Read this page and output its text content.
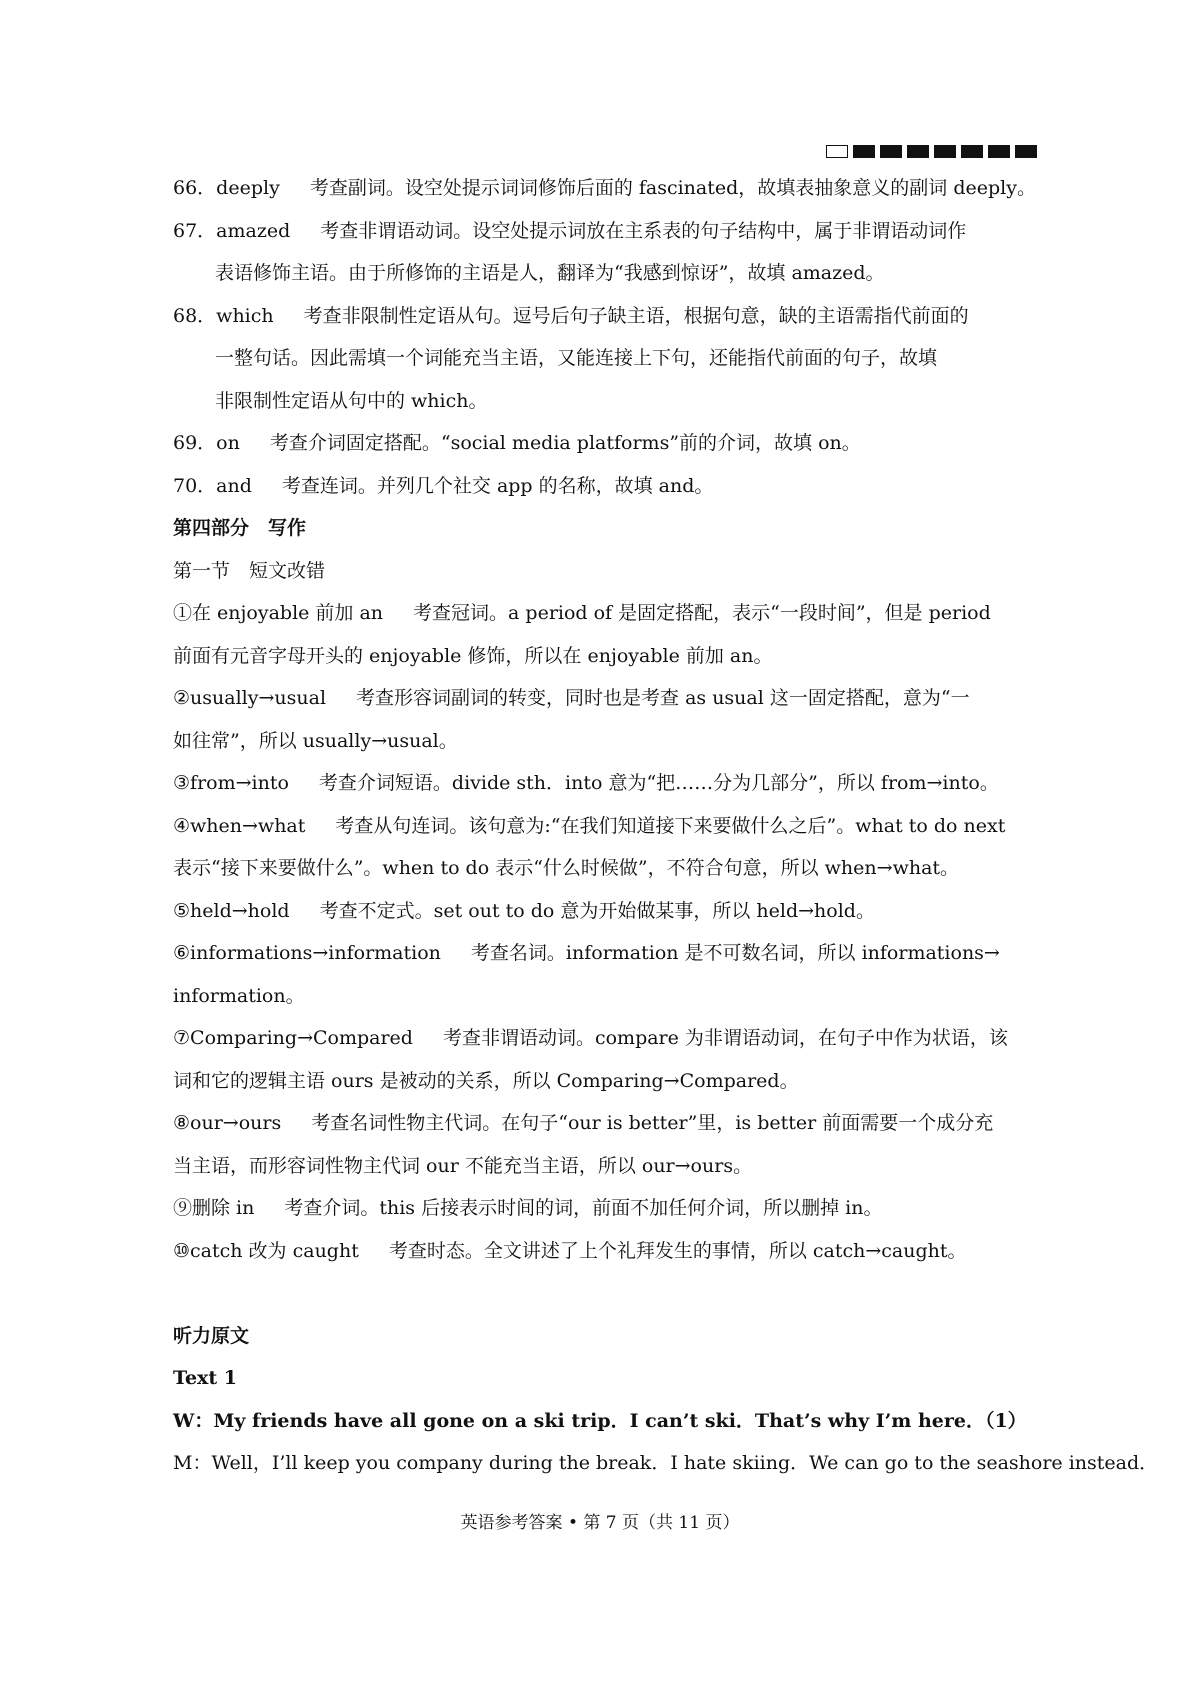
66．deeply 考查副词。设空处提示词词修饰后面的 fascinated，故填表抽象意义的副词 deeply。
67．amazed 考查非谓语动词。设空处提示词放在主系表的句子结构中，属于非谓语动词作
表语修饰主语。由于所修饰的主语是人，翻译为“我感到惊讶”，故填 amazed。
68．which 考查非限制性定语从句。逗号后句子缺主语，根据句意，缺的主语需指代前面的
一整句话。因此需填一个词能充当主语，又能连接上下句，还能指代前面的句子，故填
非限制性定语从句中的 which。
69．on 考查介词固定搭配。“social media platforms”前的介词，故填 on。
70．and 考查连词。并列几个社交 app 的名称，故填 and。
第四部分　写作
第一节　短文改错
①在 enjoyable 前加 an 考查冠词。a period of 是固定搭配，表示“一段时间”，但是 period
前面有元音字母开头的 enjoyable 修饰，所以在 enjoyable 前加 an。
②usually→usual 考查形容词副词的转变，同时也是考查 as usual 这一固定搭配，意为“一
如往常”，所以 usually→usual。
③from→into 考查介词短语。divide sth．into 意为“把……分为几部分”，所以 from→into。
④when→what 考查从句连词。该句意为:“在我们知道接下来要做什么之后”。what to do next
表示“接下来要做什么”。when to do 表示“什么时候做”，不符合句意，所以 when→what。
⑤held→hold 考查不定式。set out to do 意为开始做某事，所以 held→hold。
⑥informations→information 考查名词。information 是不可数名词，所以 informations→
information。
⑦Comparing→Compared 考查非谓语动词。compare 为非谓语动词，在句子中作为状语，该
词和它的逻辑主语 ours 是被动的关系，所以 Comparing→Compared。
⑧our→ours 考查名词性物主代词。在句子“our is better”里，is better 前面需要一个成分充
当主语，而形容词性物主代词 our 不能充当主语，所以 our→ours。
⑨删除 in 考查介词。this 后接表示时间的词，前面不加任何介词，所以删掉 in。
⑩catch 改为 caught 考查时态。全文讲述了上个礼拜发生的事情，所以 catch→caught。
听力原文
Text 1
W：My friends have all gone on a ski trip．I can’t ski．That’s why I’m here．（1）
M：Well，I’ll keep you company during the break．I hate skiing．We can go to the seashore instead．
英语参考答案 • 第 7 页（共 11 页）
